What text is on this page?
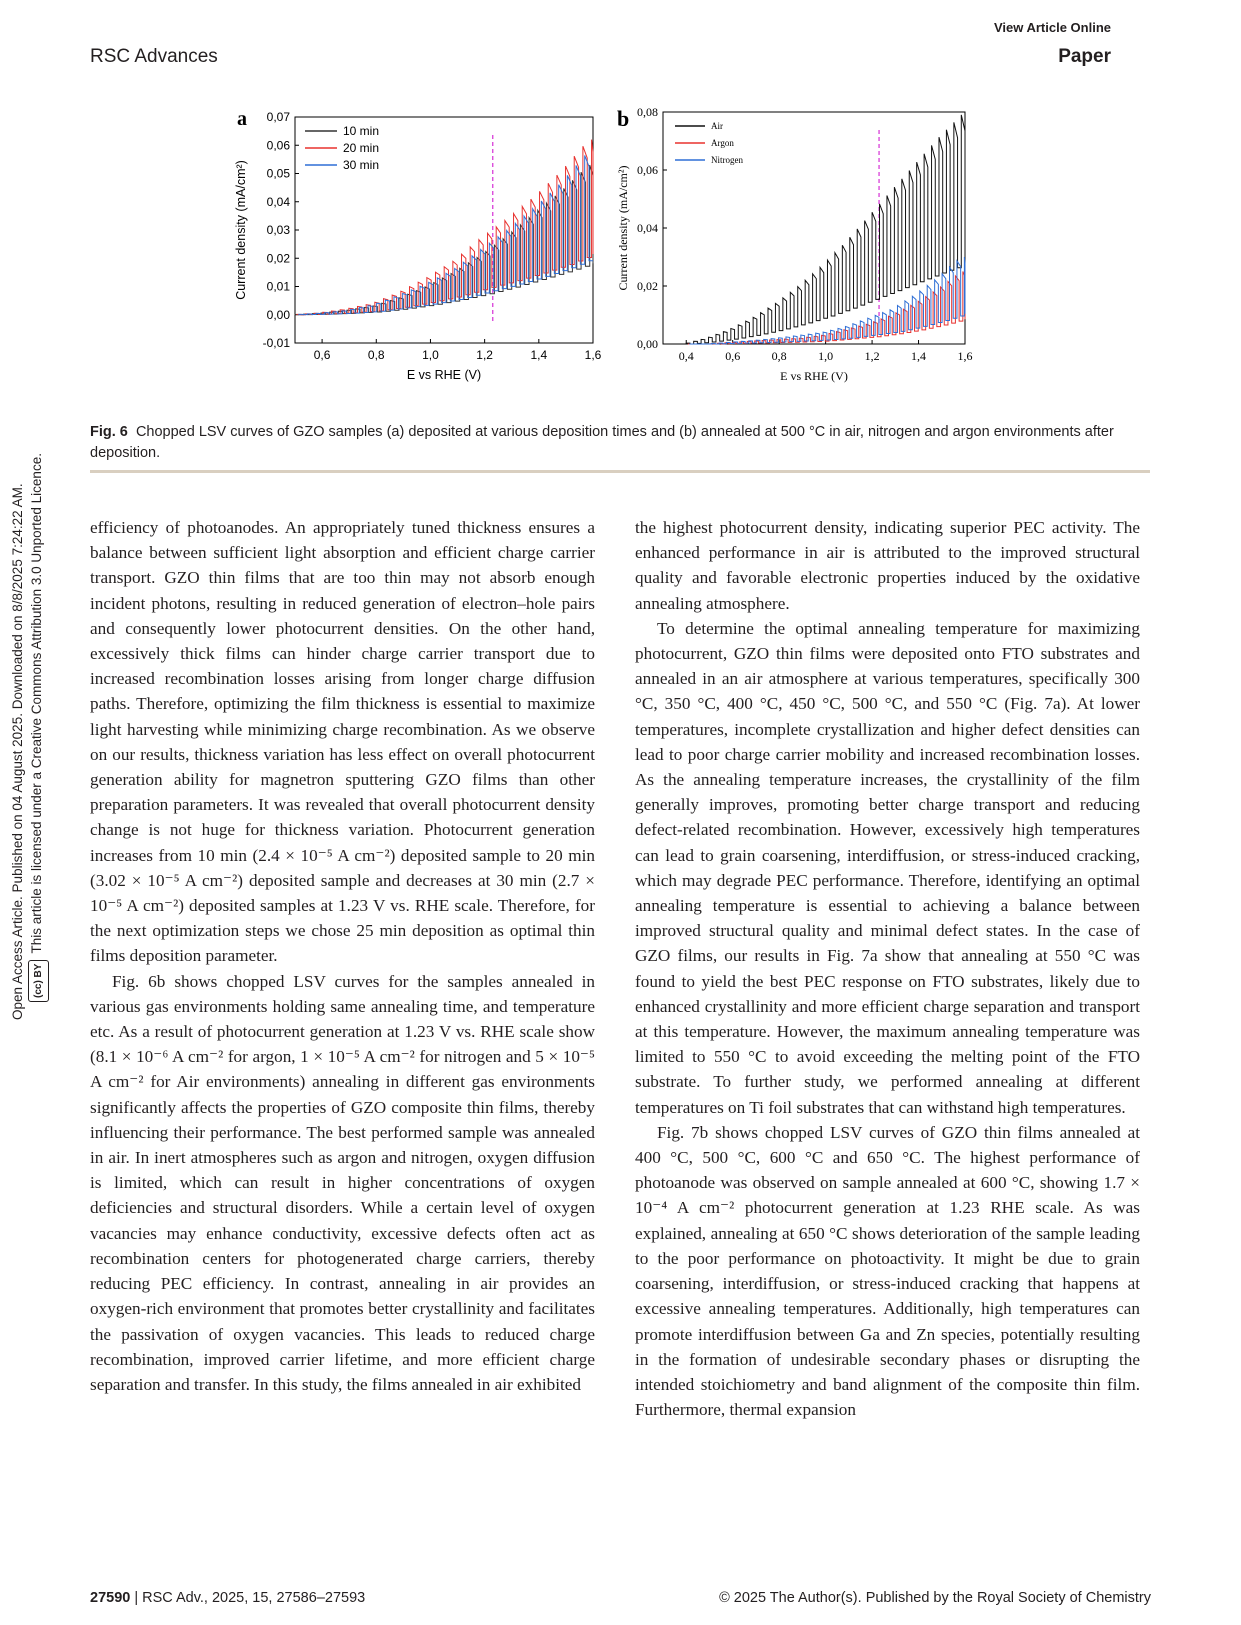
View Article Online
RSC Advances	Paper
Open Access Article. Published on 04 August 2025. Downloaded on 8/8/2025 7:24:22 AM. (cc) BYThis article is licensed under a Creative Commons Attribution 3.0 Unported Licence.
a
-0,01
0,00
0,01
0,02
0,03
0,04
0,05
0,06
0,07
0,6	0,8	1,0	1,2	1,4	1,6
E vs RHE (V)
Current density (mA/cm²)
10 min
20 min
30 min
b
0,00
0,02
0,04
0,06
0,08
0,4	0,6	0,8	1,0	1,2	1,4	1,6
E vs RHE (V)
Current density (mA/cm²)
Air
Argon
Nitrogen
Fig. 6 Chopped LSV curves of GZO samples (a) deposited at various deposition times and (b) annealed at 500 °C in air, nitrogen and argon environments after deposition.

efficiency of photoanodes. An appropriately tuned thickness ensures a balance between sufficient light absorption and efficient charge carrier transport. GZO thin films that are too thin may not absorb enough incident photons, resulting in reduced generation of electron–hole pairs and consequently lower photocurrent densities. On the other hand, excessively thick films can hinder charge carrier transport due to increased recombination losses arising from longer charge diffusion paths. Therefore, optimizing the film thickness is essential to maximize light harvesting while minimizing charge recombination. As we observe on our results, thickness variation has less effect on overall photocurrent generation ability for magnetron sputtering GZO films than other preparation parameters. It was revealed that overall photocurrent density change is not huge for thickness variation. Photocurrent generation increases from 10 min (2.4 × 10⁻⁵ A cm⁻²) deposited sample to 20 min (3.02 × 10⁻⁵ A cm⁻²) deposited sample and decreases at 30 min (2.7 × 10⁻⁵ A cm⁻²) deposited samples at 1.23 V vs. RHE scale. Therefore, for the next optimization steps we chose 25 min deposition as optimal thin films deposition parameter.

Fig. 6b shows chopped LSV curves for the samples annealed in various gas environments holding same annealing time, and temperature etc. As a result of photocurrent generation at 1.23 V vs. RHE scale show (8.1 × 10⁻⁶ A cm⁻² for argon, 1 × 10⁻⁵ A cm⁻² for nitrogen and 5 × 10⁻⁵ A cm⁻² for Air environments) annealing in different gas environments significantly affects the properties of GZO composite thin films, thereby influencing their performance. The best performed sample was annealed in air. In inert atmospheres such as argon and nitrogen, oxygen diffusion is limited, which can result in higher concentrations of oxygen deficiencies and structural disorders. While a certain level of oxygen vacancies may enhance conductivity, excessive defects often act as recombination centers for photogenerated charge carriers, thereby reducing PEC efficiency. In contrast, annealing in air provides an oxygen-rich environment that promotes better crystallinity and facilitates the passivation of oxygen vacancies. This leads to reduced charge recombination, improved carrier lifetime, and more efficient charge separation and transfer. In this study, the films annealed in air exhibited

the highest photocurrent density, indicating superior PEC activity. The enhanced performance in air is attributed to the improved structural quality and favorable electronic properties induced by the oxidative annealing atmosphere.

To determine the optimal annealing temperature for maximizing photocurrent, GZO thin films were deposited onto FTO substrates and annealed in an air atmosphere at various temperatures, specifically 300 °C, 350 °C, 400 °C, 450 °C, 500 °C, and 550 °C (Fig. 7a). At lower temperatures, incomplete crystallization and higher defect densities can lead to poor charge carrier mobility and increased recombination losses. As the annealing temperature increases, the crystallinity of the film generally improves, promoting better charge transport and reducing defect-related recombination. However, excessively high temperatures can lead to grain coarsening, interdiffusion, or stress-induced cracking, which may degrade PEC performance. Therefore, identifying an optimal annealing temperature is essential to achieving a balance between improved structural quality and minimal defect states. In the case of GZO films, our results in Fig. 7a show that annealing at 550 °C was found to yield the best PEC response on FTO substrates, likely due to enhanced crystallinity and more efficient charge separation and transport at this temperature. However, the maximum annealing temperature was limited to 550 °C to avoid exceeding the melting point of the FTO substrate. To further study, we performed annealing at different temperatures on Ti foil substrates that can withstand high temperatures.

Fig. 7b shows chopped LSV curves of GZO thin films annealed at 400 °C, 500 °C, 600 °C and 650 °C. The highest performance of photoanode was observed on sample annealed at 600 °C, showing 1.7 × 10⁻⁴ A cm⁻² photocurrent generation at 1.23 RHE scale. As was explained, annealing at 650 °C shows deterioration of the sample leading to the poor performance on photoactivity. It might be due to grain coarsening, interdiffusion, or stress-induced cracking that happens at excessive annealing temperatures. Additionally, high temperatures can promote interdiffusion between Ga and Zn species, potentially resulting in the formation of undesirable secondary phases or disrupting the intended stoichiometry and band alignment of the composite thin film. Furthermore, thermal expansion

27590 | RSC Adv., 2025, 15, 27586–27593	© 2025 The Author(s). Published by the Royal Society of Chemistry
